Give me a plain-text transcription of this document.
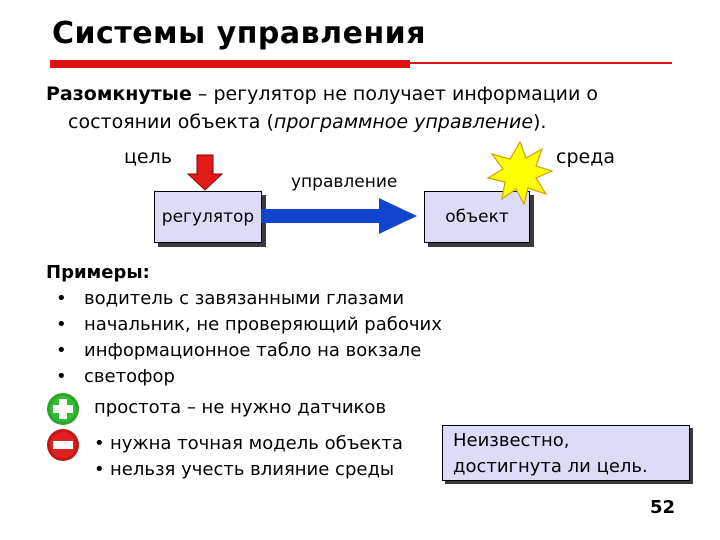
Системы управления
Разомкнутые – регулятор не получает информации о
состоянии объекта (программное управление).
цель	среда
управление
регулятор	объект
Примеры:
• водитель с завязанными глазами
• начальник, не проверяющий рабочих
• информационное табло на вокзале
• светофор
простота – не нужно датчиков
• нужна точная модель объекта
• нельзя учесть влияние среды
Неизвестно,
достигнута ли цель.
52
